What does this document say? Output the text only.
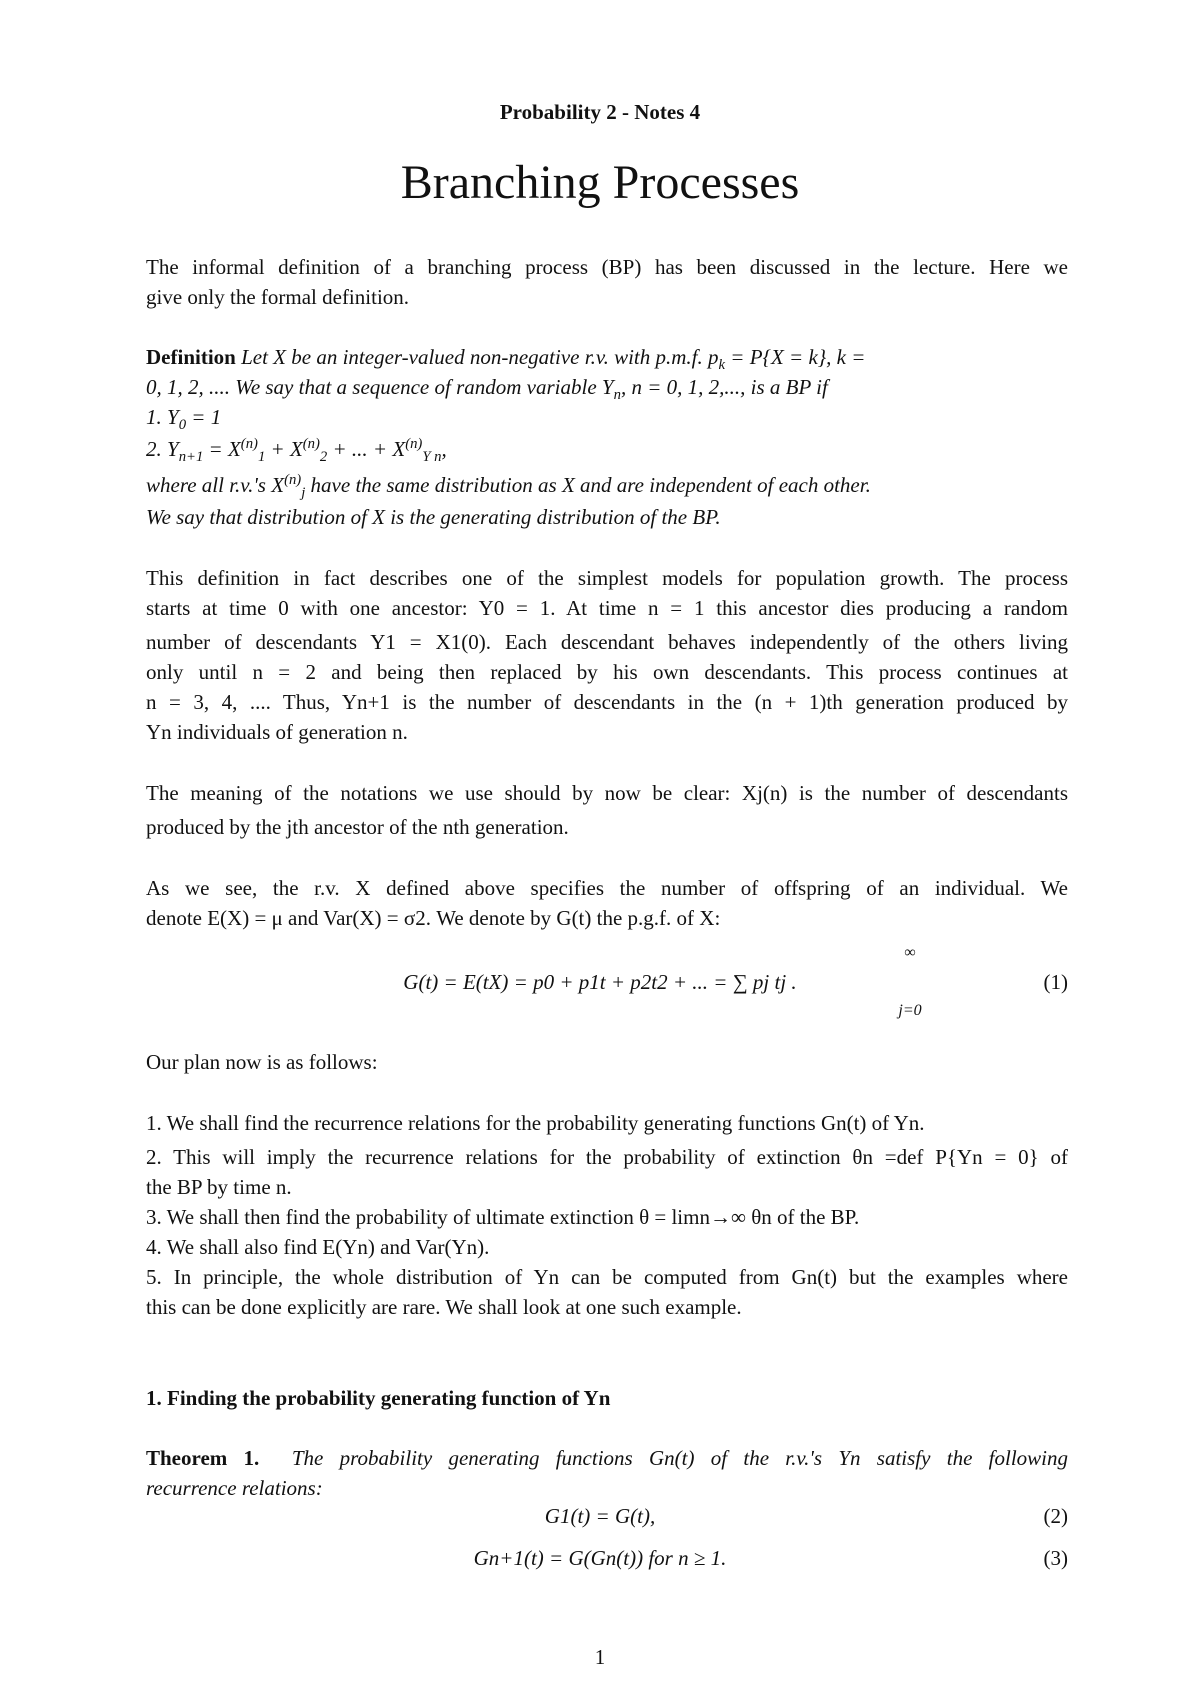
Probability 2 - Notes 4
Branching Processes
The informal definition of a branching process (BP) has been discussed in the lecture. Here we
give only the formal definition.
Definition Let X be an integer-valued non-negative r.v. with p.m.f. $p_k = P\{X = k\}$, k =
0, 1, 2, .... We say that a sequence of random variable $Y_n$, n = 0, 1, 2,..., is a BP if
1. $Y_0 = 1$
2. $Y_{n+1} = X^{(n)}_1 + X^{(n)}_2$ + ... + $X^{(n)}_{Y n}$,
where all r.v.'s $X^{(n)}_j$ have the same distribution as X and are independent of each other.
We say that distribution of X is the generating distribution of the BP.
This definition in fact describes one of the simplest models for population growth. The process
starts at time 0 with one ancestor: Y0 = 1. At time n = 1 this ancestor dies producing a random
number of descendants Y1 = X1(0). Each descendant behaves independently of the others living
only until n = 2 and being then replaced by his own descendants. This process continues at
n = 3, 4, .... Thus, Yn+1 is the number of descendants in the (n + 1)th generation produced by
Yn individuals of generation n.
The meaning of the notations we use should by now be clear: Xj(n) is the number of descendants
produced by the jth ancestor of the nth generation.
As we see, the r.v. X defined above specifies the number of offspring of an individual. We
denote E(X) = μ and Var(X) = σ2. We denote by G(t) the p.g.f. of X:
G(t) = E(tX) = p0 + p1t + p2t2 + ... = ∑ pj tj .
∞
j=0
(1)
Our plan now is as follows:
1. We shall find the recurrence relations for the probability generating functions Gn(t) of Yn.
2. This will imply the recurrence relations for the probability of extinction θn =def P{Yn = 0} of
the BP by time n.
3. We shall then find the probability of ultimate extinction θ = limn→∞ θn of the BP.
4. We shall also find E(Yn) and Var(Yn).
5. In principle, the whole distribution of Yn can be computed from Gn(t) but the examples where
this can be done explicitly are rare. We shall look at one such example.
1. Finding the probability generating function of Yn
Theorem 1. The probability generating functions Gn(t) of the r.v.'s Yn satisfy the following
recurrence relations:
G1(t) = G(t),	(2)
Gn+1(t) = G(Gn(t)) for n ≥ 1.	(3)
1
